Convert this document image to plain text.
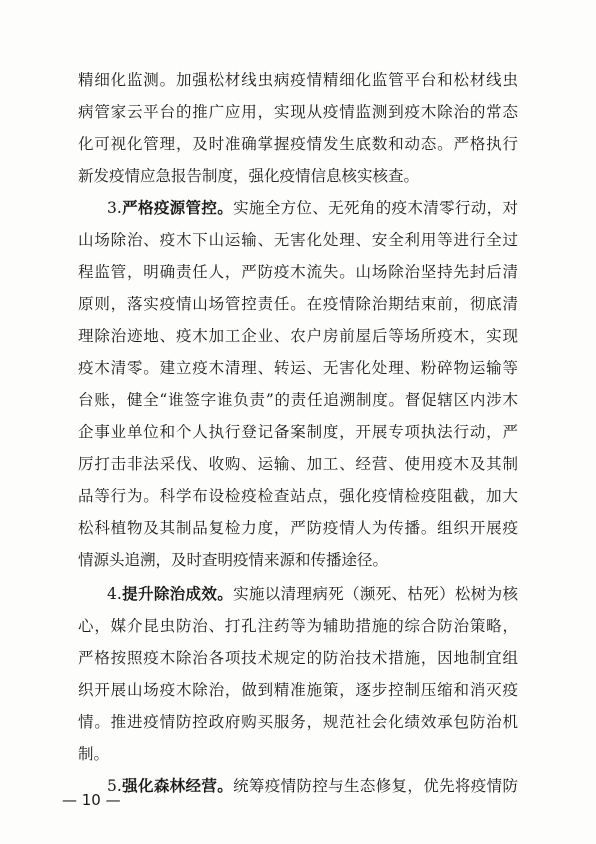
精细化监测。加强松材线虫病疫情精细化监管平台和松材线虫
病管家云平台的推广应用，实现从疫情监测到疫木除治的常态
化可视化管理，及时准确掌握疫情发生底数和动态。严格执行
新发疫情应急报告制度，强化疫情信息核实核查。
3.严格疫源管控。实施全方位、无死角的疫木清零行动，对
山场除治、疫木下山运输、无害化处理、安全利用等进行全过
程监管，明确责任人，严防疫木流失。山场除治坚持先封后清
原则，落实疫情山场管控责任。在疫情除治期结束前，彻底清
理除治迹地、疫木加工企业、农户房前屋后等场所疫木，实现
疫木清零。建立疫木清理、转运、无害化处理、粉碎物运输等
台账，健全“谁签字谁负责”的责任追溯制度。督促辖区内涉木
企事业单位和个人执行登记备案制度，开展专项执法行动，严
厉打击非法采伐、收购、运输、加工、经营、使用疫木及其制
品等行为。科学布设检疫检查站点，强化疫情检疫阻截，加大
松科植物及其制品复检力度，严防疫情人为传播。组织开展疫
情源头追溯，及时查明疫情来源和传播途径。
4.提升除治成效。实施以清理病死（濒死、枯死）松树为核
心，媒介昆虫防治、打孔注药等为辅助措施的综合防治策略，
严格按照疫木除治各项技术规定的防治技术措施，因地制宜组
织开展山场疫木除治，做到精准施策，逐步控制压缩和消灭疫
情。推进疫情防控政府购买服务，规范社会化绩效承包防治机
制。
5.强化森林经营。统筹疫情防控与生态修复，优先将疫情防
— 10 —
